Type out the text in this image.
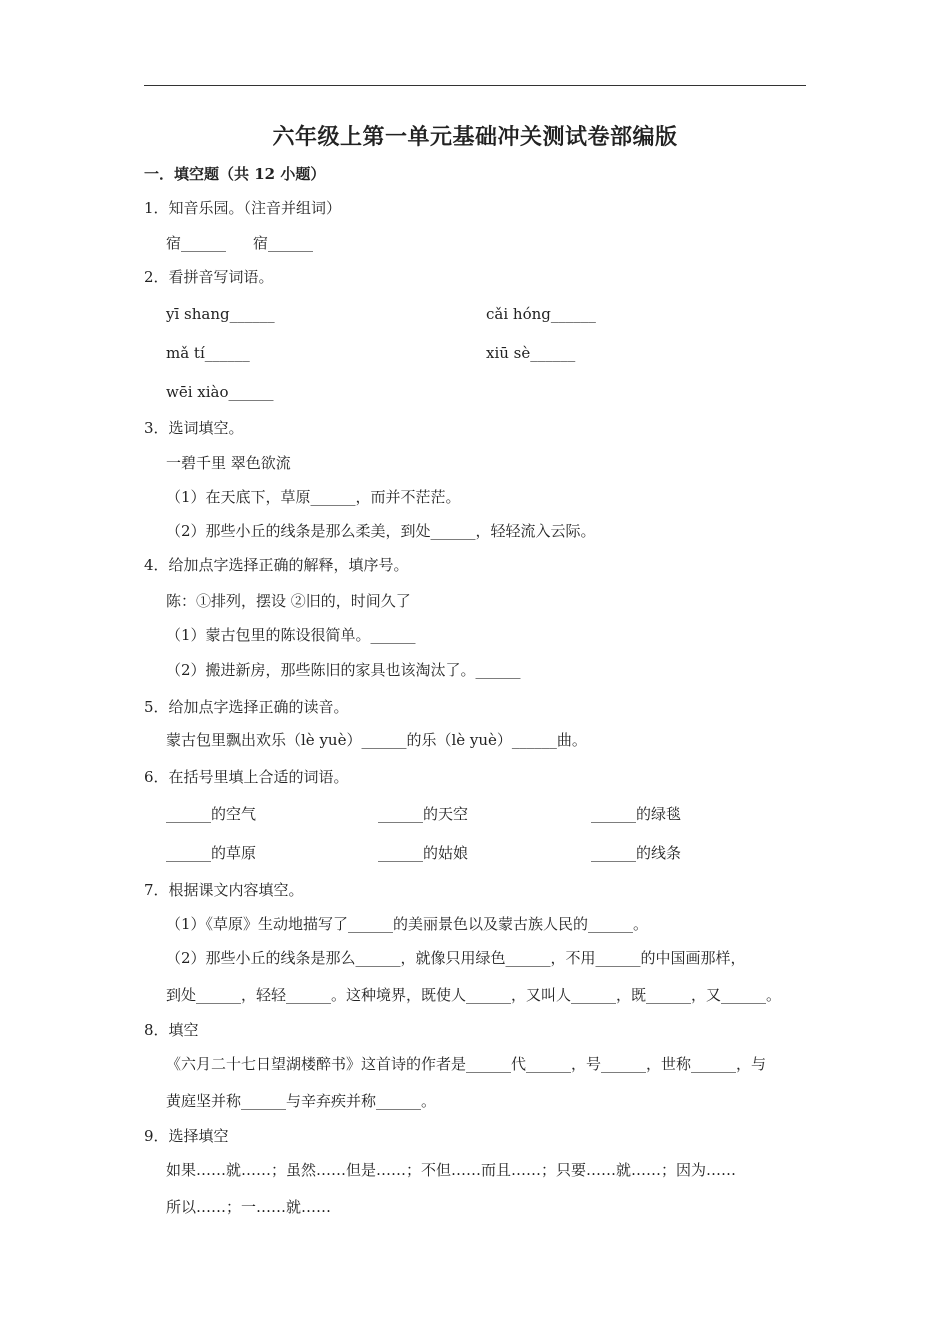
六年级上第一单元基础冲关测试卷部编版
一．填空题（共 12 小题）
1．知音乐园。（注音并组词）
宿______ 宿______
2．看拼音写词语。
yī shang______	cǎi hóng______
mǎ tí______	xiū sè______
wēi xiào______
3．选词填空。
一碧千里 翠色欲流
（1）在天底下，草原______，而并不茫茫。
（2）那些小丘的线条是那么柔美，到处______，轻轻流入云际。
4．给加点字选择正确的解释，填序号。
陈：①排列，摆设 ②旧的，时间久了
（1）蒙古包里的陈设很简单。______
（2）搬进新房，那些陈旧的家具也该淘汰了。______
5．给加点字选择正确的读音。
蒙古包里飘出欢乐（lè yuè）______的乐（lè yuè）______曲。
6．在括号里填上合适的词语。
______的空气	______的天空	______的绿毯
______的草原	______的姑娘	______的线条
7．根据课文内容填空。
（1）《草原》生动地描写了______的美丽景色以及蒙古族人民的______。
（2）那些小丘的线条是那么______，就像只用绿色______，不用______的中国画那样，
到处______，轻轻______。这种境界，既使人______，又叫人______，既______，又______。
8．填空
《六月二十七日望湖楼醉书》这首诗的作者是______代______，号______，世称______，与
黄庭坚并称______与辛弃疾并称______。
9．选择填空
如果……就……；虽然……但是……；不但……而且……；只要……就……；因为……
所以……；一……就……
